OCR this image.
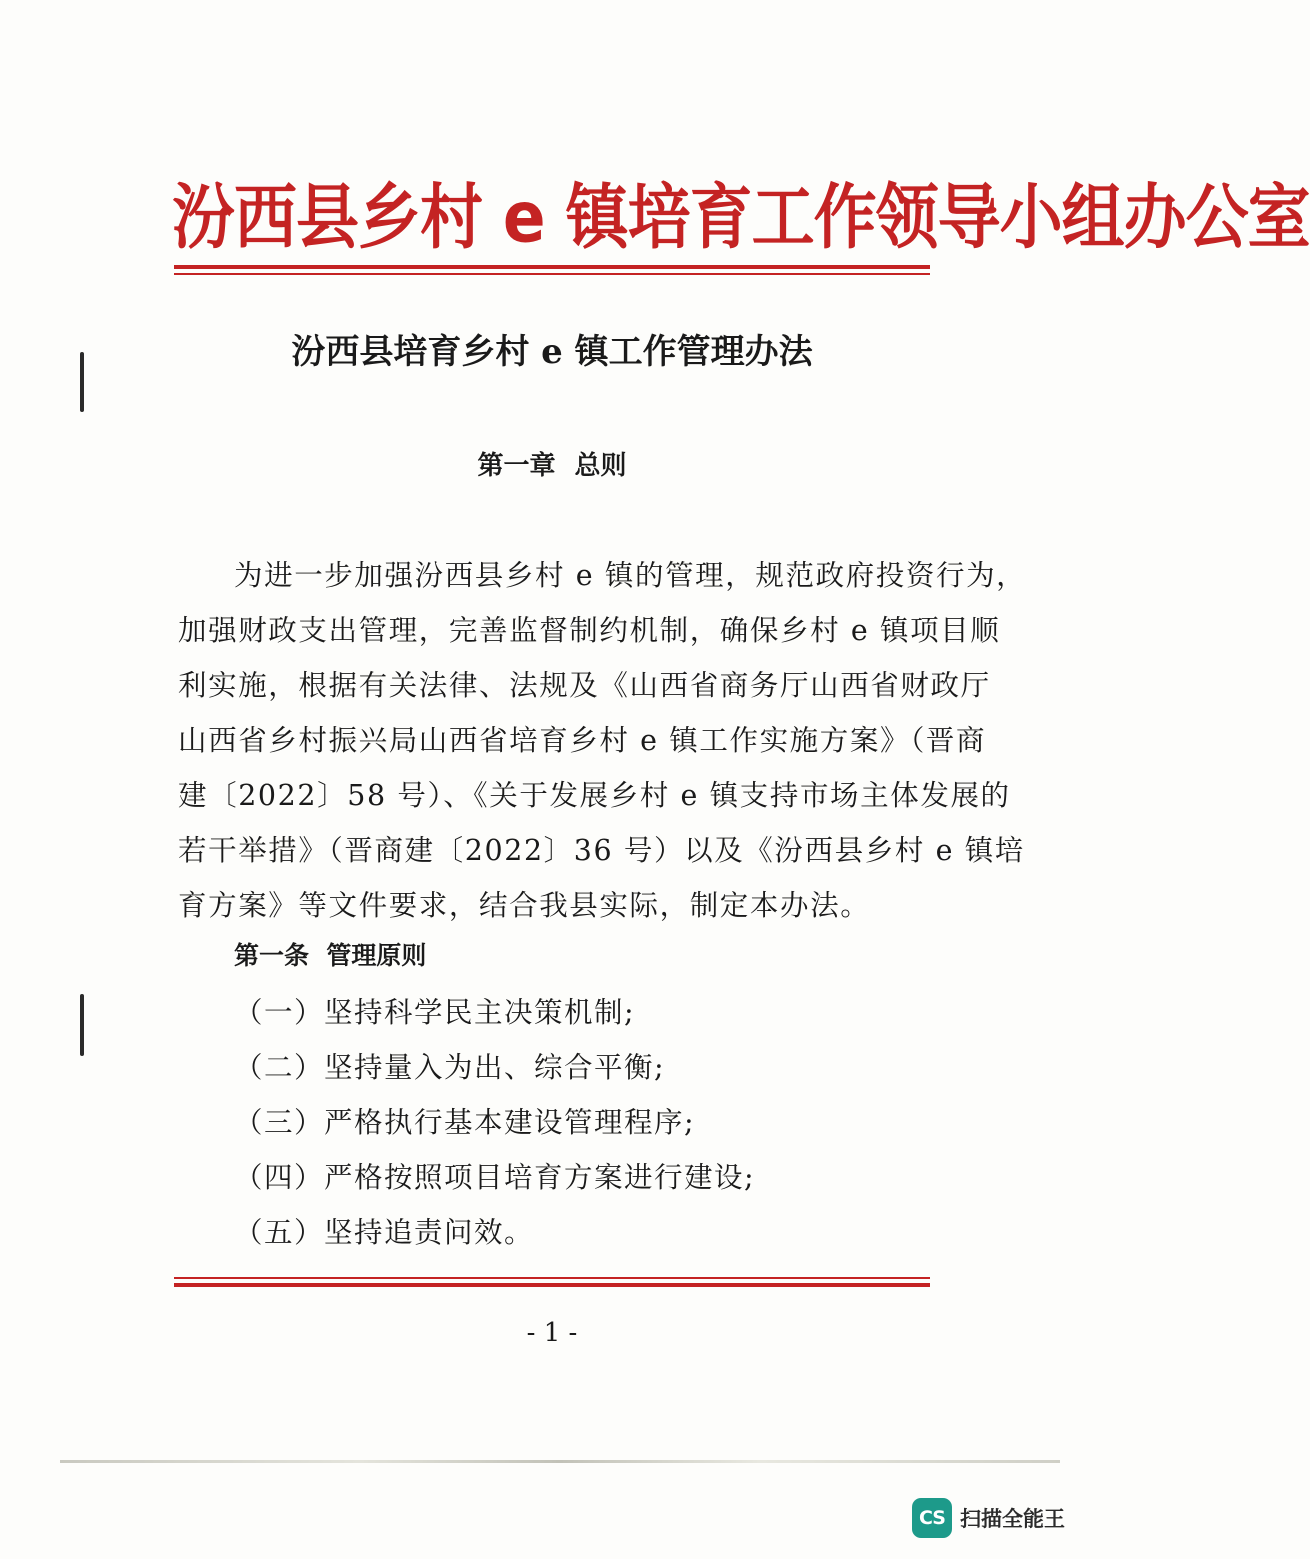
汾西县乡村 e 镇培育工作领导小组办公室
汾西县培育乡村 e 镇工作管理办法
第一章 总则
为进一步加强汾西县乡村 e 镇的管理，规范政府投资行为，
加强财政支出管理，完善监督制约机制，确保乡村 e 镇项目顺
利实施，根据有关法律、法规及《山西省商务厅山西省财政厅
山西省乡村振兴局山西省培育乡村 e 镇工作实施方案》（晋商
建〔2022〕58 号）、《关于发展乡村 e 镇支持市场主体发展的
若干举措》（晋商建〔2022〕36 号）以及《汾西县乡村 e 镇培
育方案》等文件要求，结合我县实际，制定本办法。
第一条  管理原则
（一）坚持科学民主决策机制;
（二）坚持量入为出、综合平衡;
（三）严格执行基本建设管理程序;
（四）严格按照项目培育方案进行建设;
（五）坚持追责问效。
- 1 -
CS 扫描全能王
